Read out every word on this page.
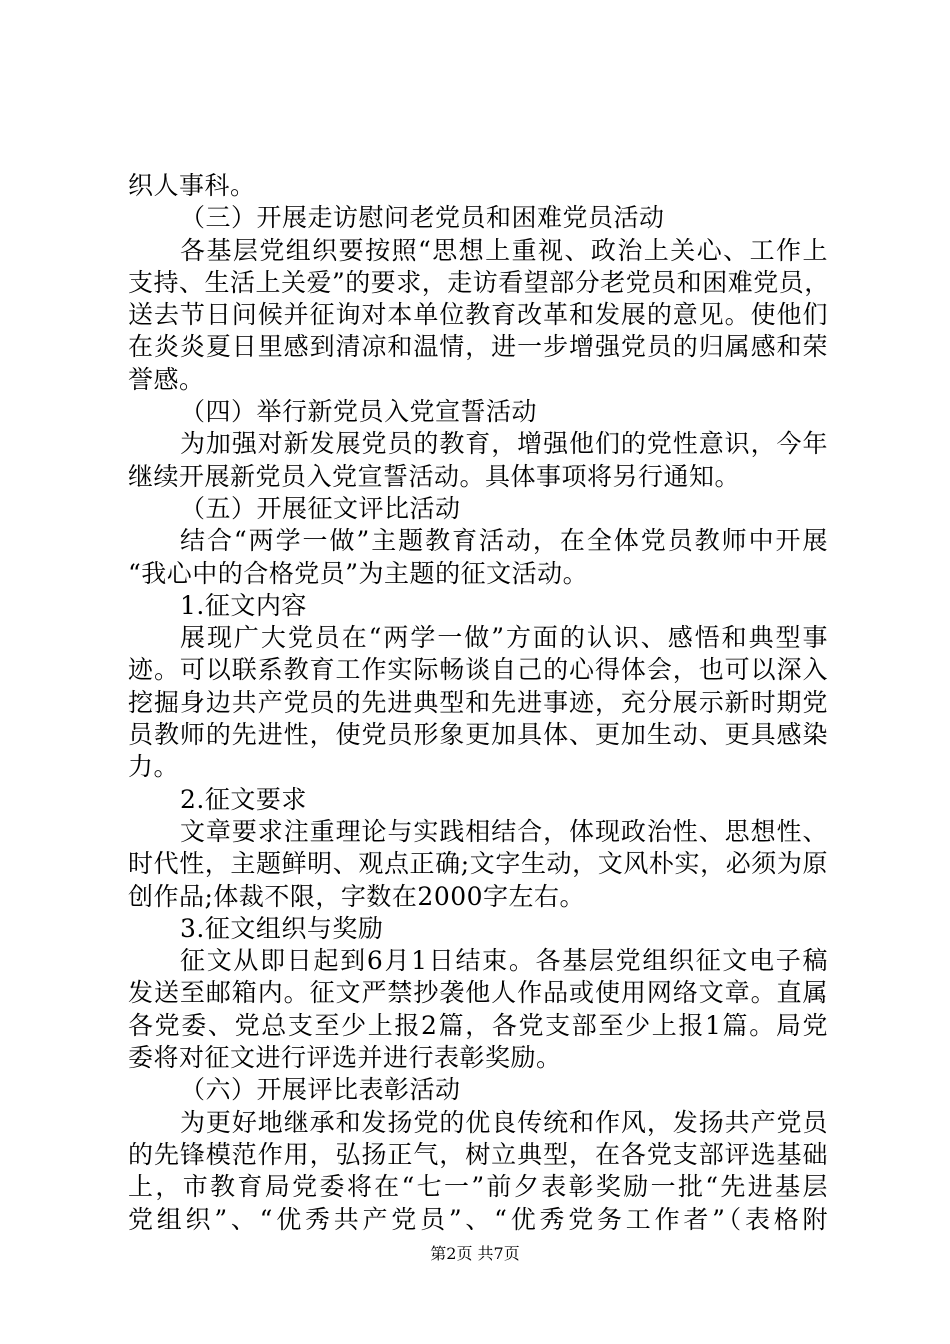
织人事科。
（三）开展走访慰问老党员和困难党员活动
各基层党组织要按照“思想上重视、政治上关心、工作上
支持、生活上关爱”的要求，走访看望部分老党员和困难党员，
送去节日问候并征询对本单位教育改革和发展的意见。使他们
在炎炎夏日里感到清凉和温情，进一步增强党员的归属感和荣
誉感。
（四）举行新党员入党宣誓活动
为加强对新发展党员的教育，增强他们的党性意识，今年
继续开展新党员入党宣誓活动。具体事项将另行通知。
（五）开展征文评比活动
结合“两学一做”主题教育活动，在全体党员教师中开展
“我心中的合格党员”为主题的征文活动。
1.征文内容
展现广大党员在“两学一做”方面的认识、感悟和典型事
迹。可以联系教育工作实际畅谈自己的心得体会，也可以深入
挖掘身边共产党员的先进典型和先进事迹，充分展示新时期党
员教师的先进性，使党员形象更加具体、更加生动、更具感染
力。
2.征文要求
文章要求注重理论与实践相结合，体现政治性、思想性、
时代性，主题鲜明、观点正确;文字生动，文风朴实，必须为原
创作品;体裁不限，字数在2000字左右。
3.征文组织与奖励
征文从即日起到6月1日结束。各基层党组织征文电子稿
发送至邮箱内。征文严禁抄袭他人作品或使用网络文章。直属
各党委、党总支至少上报2篇，各党支部至少上报1篇。局党
委将对征文进行评选并进行表彰奖励。
（六）开展评比表彰活动
为更好地继承和发扬党的优良传统和作风，发扬共产党员
的先锋模范作用，弘扬正气，树立典型，在各党支部评选基础
上，市教育局党委将在“七一”前夕表彰奖励一批“先进基层
党组织”、“优秀共产党员”、“优秀党务工作者”（表格附
第2页 共7页
